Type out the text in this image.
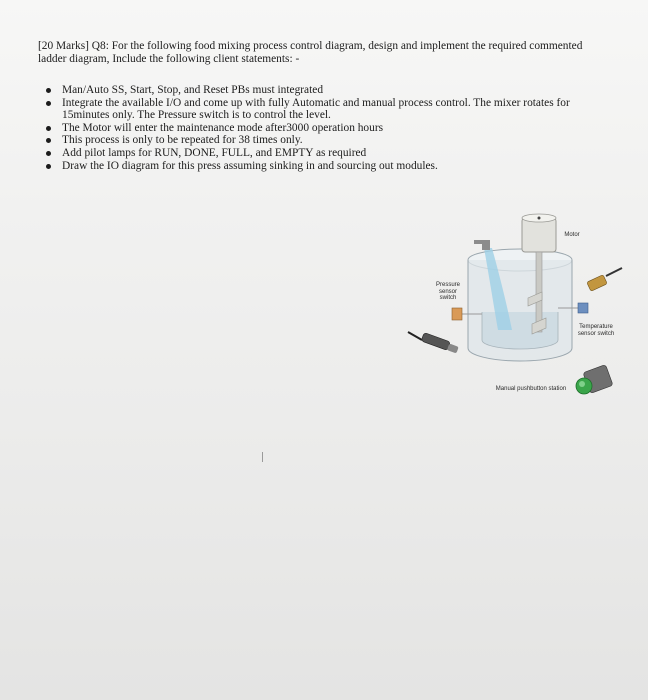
[20 Marks] Q8: For the following food mixing process control diagram, design and implement the required commented
ladder diagram, Include the following client statements: -
Man/Auto SS, Start, Stop, and Reset PBs must integrated
Integrate the available I/O and come up with fully Automatic and manual process control. The mixer rotates for
15minutes only. The Pressure switch is to control the level.
The Motor will enter the maintenance mode after3000 operation hours
This process is only to be repeated for 38 times only.
Add pilot lamps for RUN, DONE, FULL, and EMPTY as required
Draw the IO diagram for this press assuming sinking in and sourcing out modules.
Motor
Pressure
sensor
switch
Temperature
sensor switch
Manual pushbutton station
